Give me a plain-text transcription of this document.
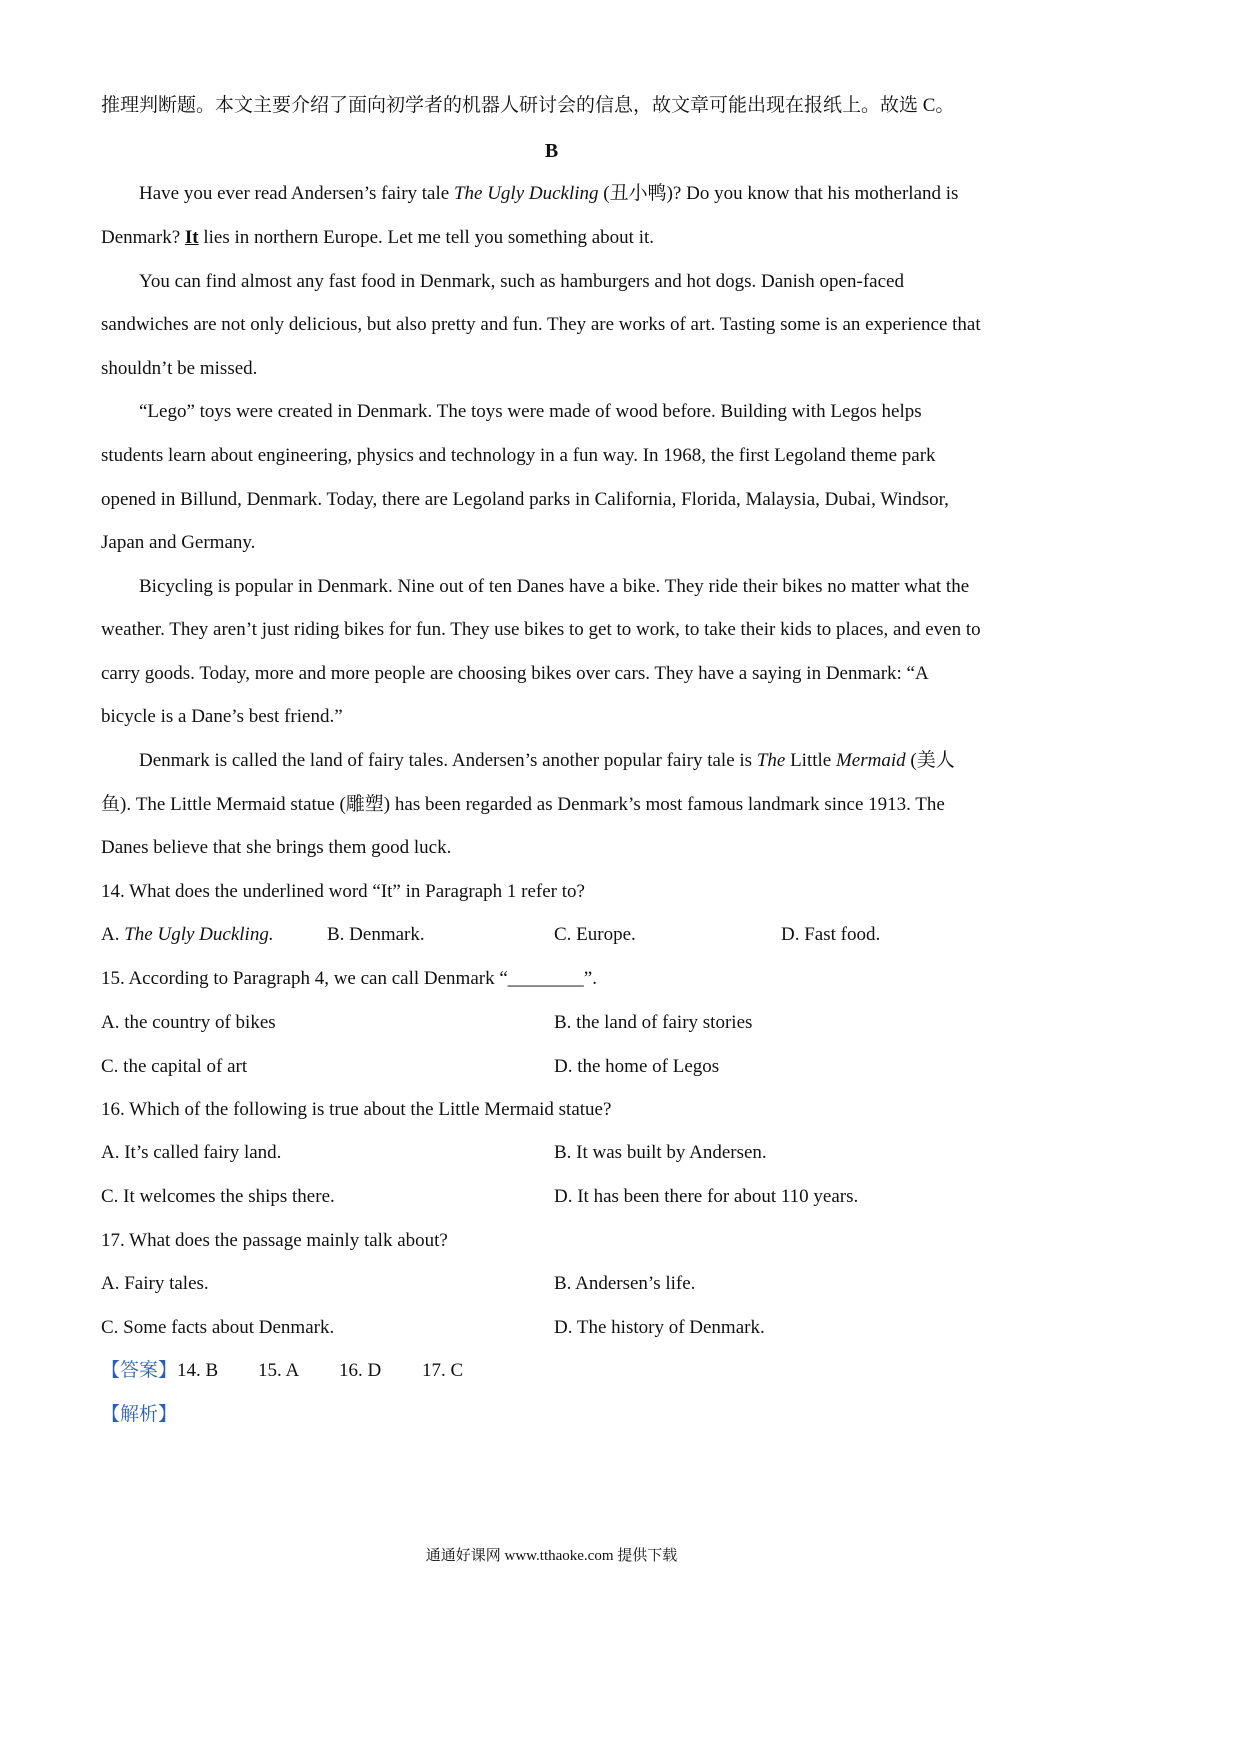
推理判断题。本文主要介绍了面向初学者的机器人研讨会的信息，故文章可能出现在报纸上。故选 C。
B
Have you ever read Andersen’s fairy tale The Ugly Duckling (丑小鸭)? Do you know that his motherland is
Denmark? It lies in northern Europe. Let me tell you something about it.
You can find almost any fast food in Denmark, such as hamburgers and hot dogs. Danish open-faced
sandwiches are not only delicious, but also pretty and fun. They are works of art. Tasting some is an experience that
shouldn’t be missed.
“Lego” toys were created in Denmark. The toys were made of wood before. Building with Legos helps
students learn about engineering, physics and technology in a fun way. In 1968, the first Legoland theme park
opened in Billund, Denmark. Today, there are Legoland parks in California, Florida, Malaysia, Dubai, Windsor,
Japan and Germany.
Bicycling is popular in Denmark. Nine out of ten Danes have a bike. They ride their bikes no matter what the
weather. They aren’t just riding bikes for fun. They use bikes to get to work, to take their kids to places, and even to
carry goods. Today, more and more people are choosing bikes over cars. They have a saying in Denmark: “A
bicycle is a Dane’s best friend.”
Denmark is called the land of fairy tales. Andersen’s another popular fairy tale is The Little Mermaid (美人
鱼). The Little Mermaid statue (雕塑) has been regarded as Denmark’s most famous landmark since 1913. The
Danes believe that she brings them good luck.
14. What does the underlined word “It” in Paragraph 1 refer to?
A. The Ugly Duckling.	B. Denmark.	C. Europe.	D. Fast food.
15. According to Paragraph 4, we can call Denmark “________”.
A. the country of bikes	B. the land of fairy stories
C. the capital of art	D. the home of Legos
16. Which of the following is true about the Little Mermaid statue?
A. It’s called fairy land.	B. It was built by Andersen.
C. It welcomes the ships there.	D. It has been there for about 110 years.
17. What does the passage mainly talk about?
A. Fairy tales.	B. Andersen’s life.
C. Some facts about Denmark.	D. The history of Denmark.
【答案】14. B 15. A 16. D 17. C
【解析】
通通好课网 www.tthaoke.com 提供下载
